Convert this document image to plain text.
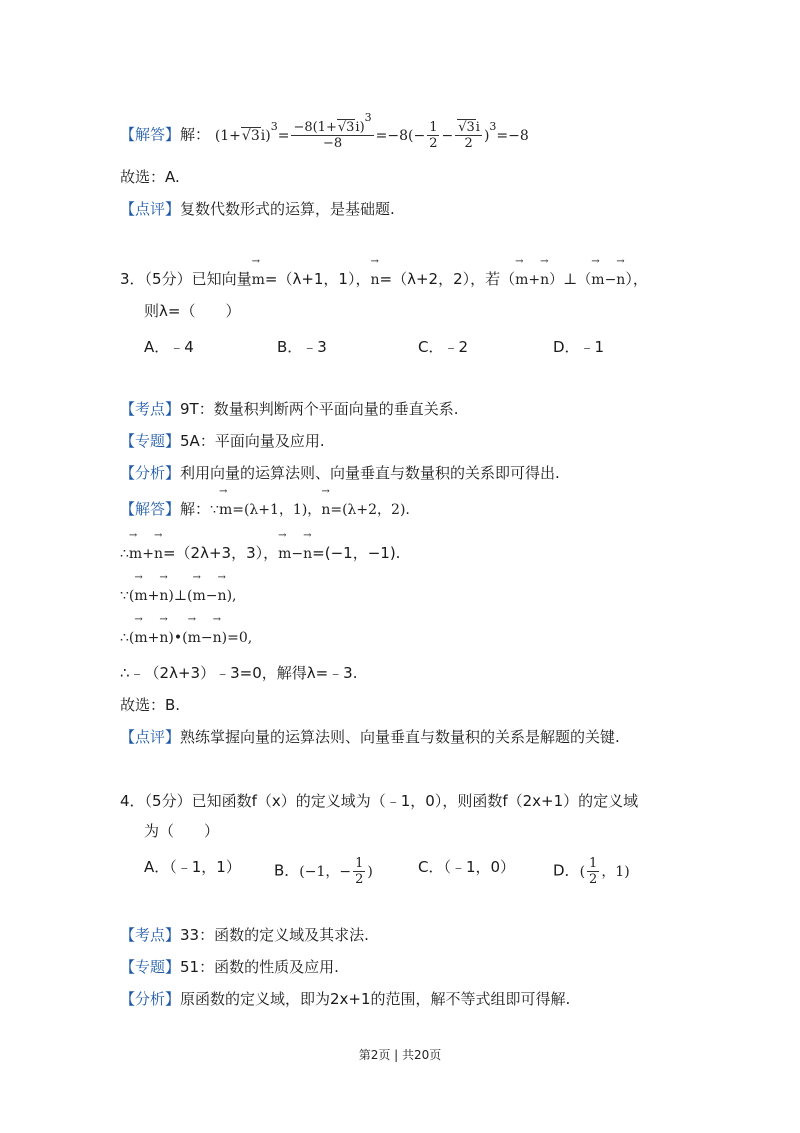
【解答】解： $(1+√3i)^3= \frac{-8(1+√3i)^3}{-8} =-8(- \frac{1}{2} - \frac{√3i}{2} )^3=-8$
故选：A.
【点评】复数代数形式的运算，是基础题.
3．（5分）已知向量→ m=（λ+1，1），→ n=（λ+2，2），若（→ m+→ n）⊥（→ m−→ n），
则λ=（　　）
A．﹣4	B．﹣3	C．﹣2	D．﹣1
【考点】9T：数量积判断两个平面向量的垂直关系.
【专题】5A：平面向量及应用.
【分析】利用向量的运算法则、向量垂直与数量积的关系即可得出.
【解答】解：∵→ m=(λ+1，1)，→ n=(λ+2，2).
∴→ m+→ n=（2λ+3，3），→ m−→ n=(−1，−1).
∵(→ m+→ n)⊥(→ m−→ n),
∴(→ m+→ n)•(→ m−→ n)=0,
∴﹣（2λ+3）﹣3=0，解得λ=﹣3.
故选：B.
【点评】熟练掌握向量的运算法则、向量垂直与数量积的关系是解题的关键.
4．（5分）已知函数f（x）的定义域为（﹣1，0），则函数f（2x+1）的定义域
为（　　）
A．（﹣1，1） B．(−1，− $\frac{1}{2}$ )	C．（﹣1，0）	D．( $\frac{1}{2}$ ，1)
【考点】33：函数的定义域及其求法.
【专题】51：函数的性质及应用.
【分析】原函数的定义域，即为2x+1的范围，解不等式组即可得解.
第2页 | 共20页
